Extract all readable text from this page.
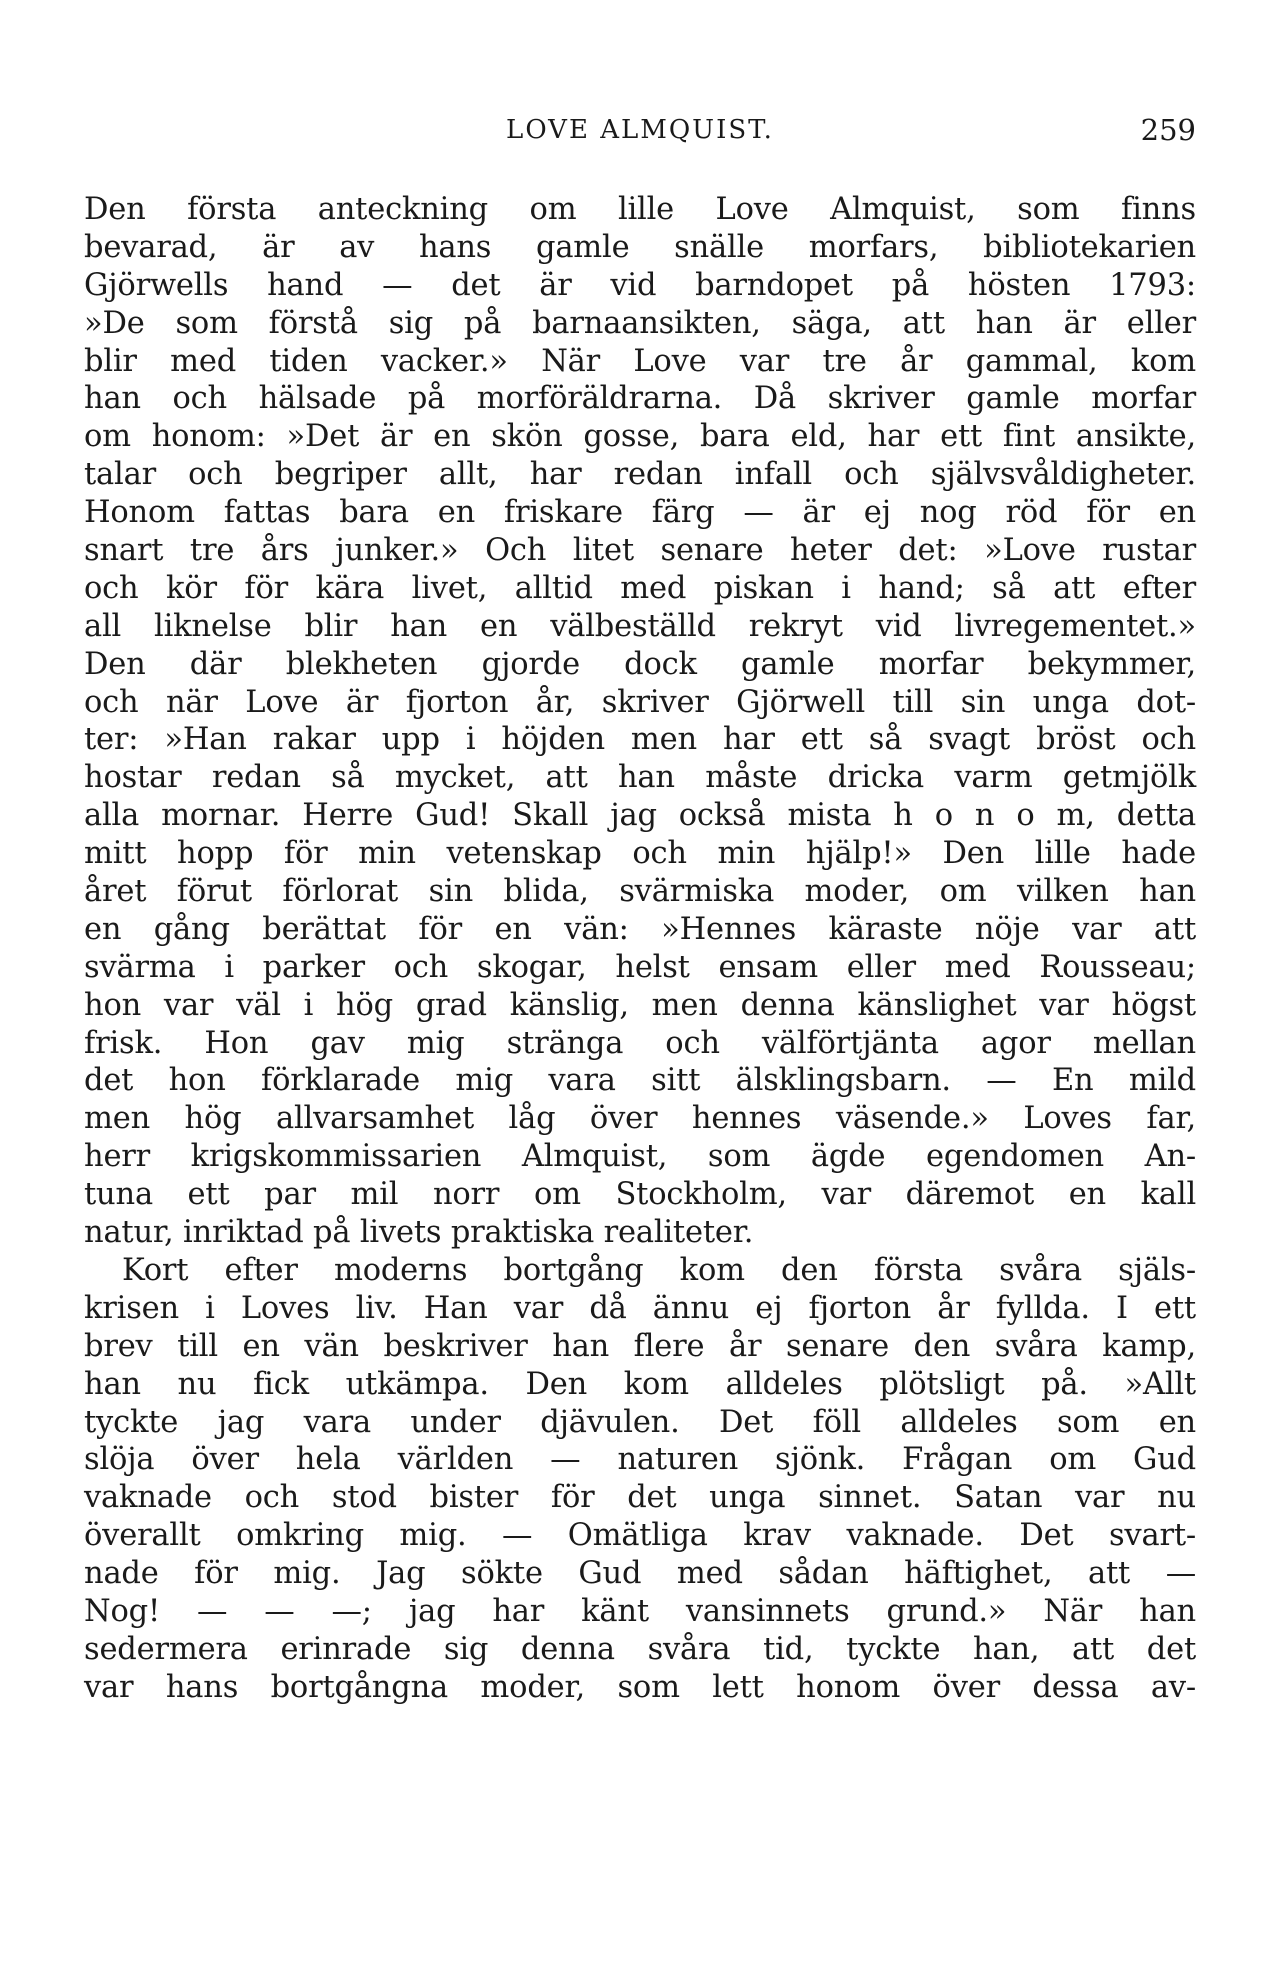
LOVE ALMQUIST.	259
Den första anteckning om lille Love Almquist, som finns
bevarad, är av hans gamle snälle morfars, bibliotekarien
Gjörwells hand — det är vid barndopet på hösten 1793:
»De som förstå sig på barnaansikten, säga, att han är eller
blir med tiden vacker.» När Love var tre år gammal, kom
han och hälsade på morföräldrarna. Då skriver gamle morfar
om honom: »Det är en skön gosse, bara eld, har ett fint ansikte,
talar och begriper allt, har redan infall och självsvåldigheter.
Honom fattas bara en friskare färg — är ej nog röd för en
snart tre års junker.» Och litet senare heter det: »Love rustar
och kör för kära livet, alltid med piskan i hand; så att efter
all liknelse blir han en välbeställd rekryt vid livregementet.»
Den där blekheten gjorde dock gamle morfar bekymmer,
och när Love är fjorton år, skriver Gjörwell till sin unga dot-
ter: »Han rakar upp i höjden men har ett så svagt bröst och
hostar redan så mycket, att han måste dricka varm getmjölk
alla mornar. Herre Gud! Skall jag också mista h o n o m, detta
mitt hopp för min vetenskap och min hjälp!» Den lille hade
året förut förlorat sin blida, svärmiska moder, om vilken han
en gång berättat för en vän: »Hennes käraste nöje var att
svärma i parker och skogar, helst ensam eller med Rousseau;
hon var väl i hög grad känslig, men denna känslighet var högst
frisk. Hon gav mig stränga och välförtjänta agor mellan
det hon förklarade mig vara sitt älsklingsbarn. — En mild
men hög allvarsamhet låg över hennes väsende.» Loves far,
herr krigskommissarien Almquist, som ägde egendomen An-
tuna ett par mil norr om Stockholm, var däremot en kall
natur, inriktad på livets praktiska realiteter.
Kort efter moderns bortgång kom den första svåra själs-
krisen i Loves liv. Han var då ännu ej fjorton år fyllda. I ett
brev till en vän beskriver han flere år senare den svåra kamp,
han nu fick utkämpa. Den kom alldeles plötsligt på. »Allt
tyckte jag vara under djävulen. Det föll alldeles som en
slöja över hela världen — naturen sjönk. Frågan om Gud
vaknade och stod bister för det unga sinnet. Satan var nu
överallt omkring mig. — Omätliga krav vaknade. Det svart-
nade för mig. Jag sökte Gud med sådan häftighet, att —
Nog! — — —; jag har känt vansinnets grund.» När han
sedermera erinrade sig denna svåra tid, tyckte han, att det
var hans bortgångna moder, som lett honom över dessa av-
